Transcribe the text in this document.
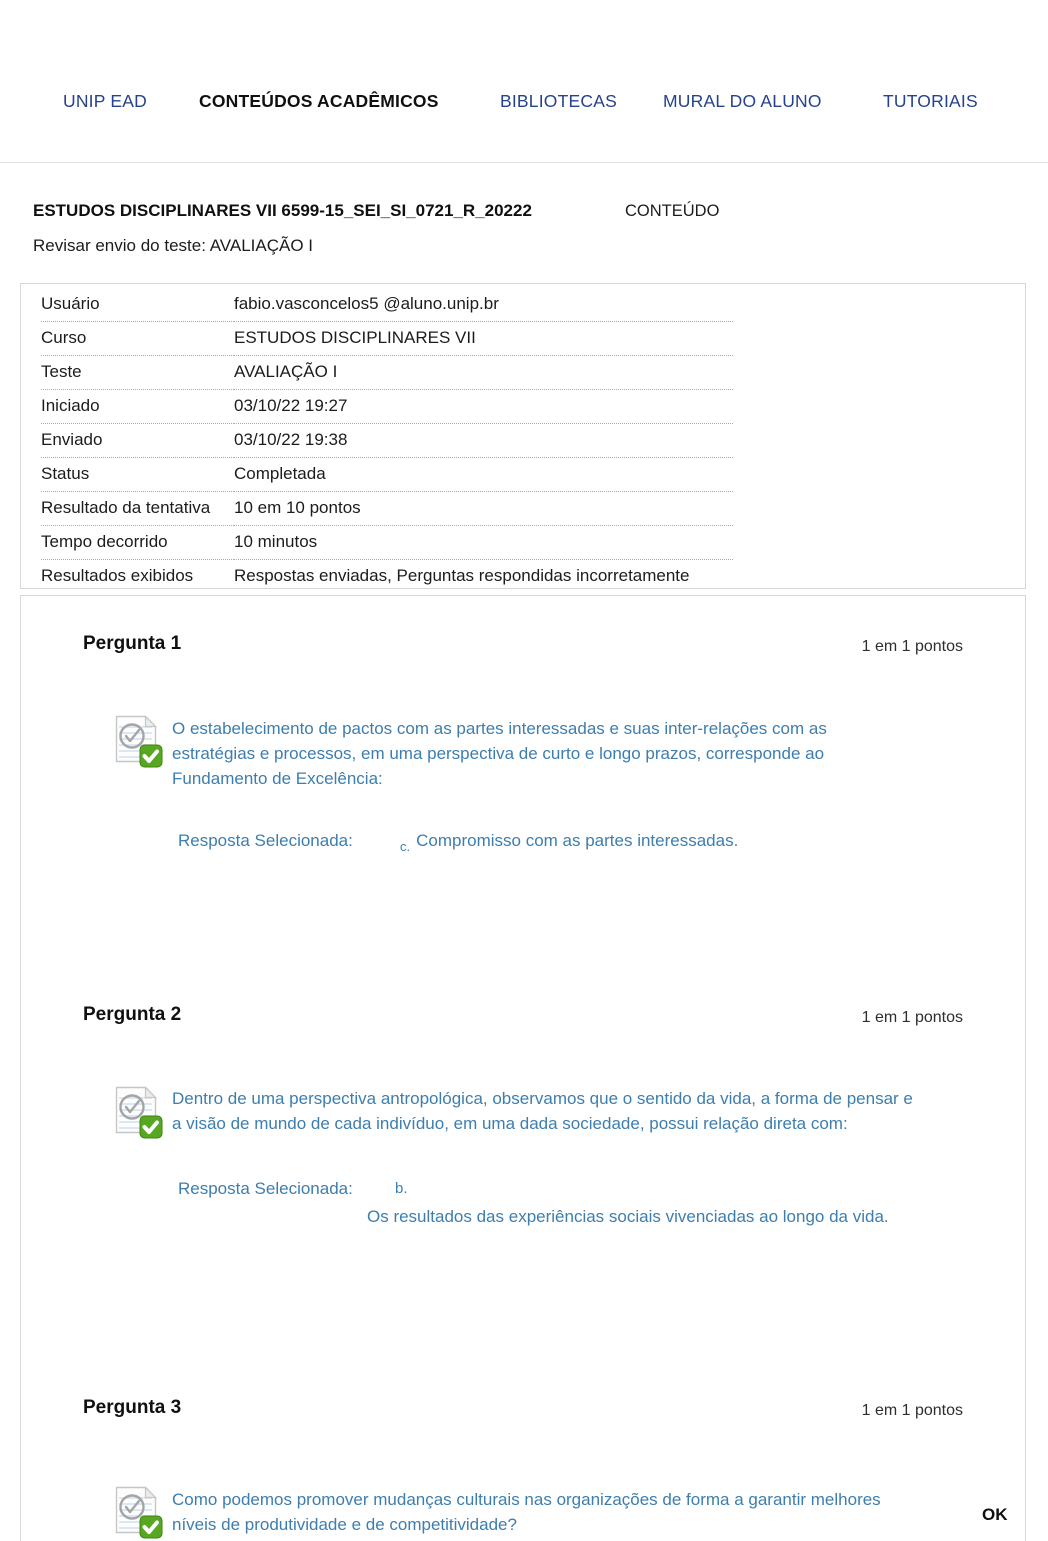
UNIP EAD	CONTEÚDOS ACADÊMICOS	BIBLIOTECAS	MURAL DO ALUNO	TUTORIAIS
ESTUDOS DISCIPLINARES VII 6599-15_SEI_SI_0721_R_20222	CONTEÚDO
Revisar envio do teste: AVALIAÇÃO I
Usuário	fabio.vasconcelos5 @aluno.unip.br
Curso	ESTUDOS DISCIPLINARES VII
Teste	AVALIAÇÃO I
Iniciado	03/10/22 19:27
Enviado	03/10/22 19:38
Status	Completada
Resultado da tentativa	10 em 10 pontos
Tempo decorrido	10 minutos
Resultados exibidos	Respostas enviadas, Perguntas respondidas incorretamente
Pergunta 1	1 em 1 pontos
O estabelecimento de pactos com as partes interessadas e suas inter-relações com as estratégias e processos, em uma perspectiva de curto e longo prazos, corresponde ao Fundamento de Excelência:
Resposta Selecionada:	$_{c.}$ Compromisso com as partes interessadas.
Pergunta 2	1 em 1 pontos
Dentro de uma perspectiva antropológica, observamos que o sentido da vida, a forma de pensar e a visão de mundo de cada indivíduo, em uma dada sociedade, possui relação direta com:
Resposta Selecionada:	b.
Os resultados das experiências sociais vivenciadas ao longo da vida.
Pergunta 3	1 em 1 pontos
Como podemos promover mudanças culturais nas organizações de forma a garantir melhores níveis de produtividade e de competitividade?
OK
